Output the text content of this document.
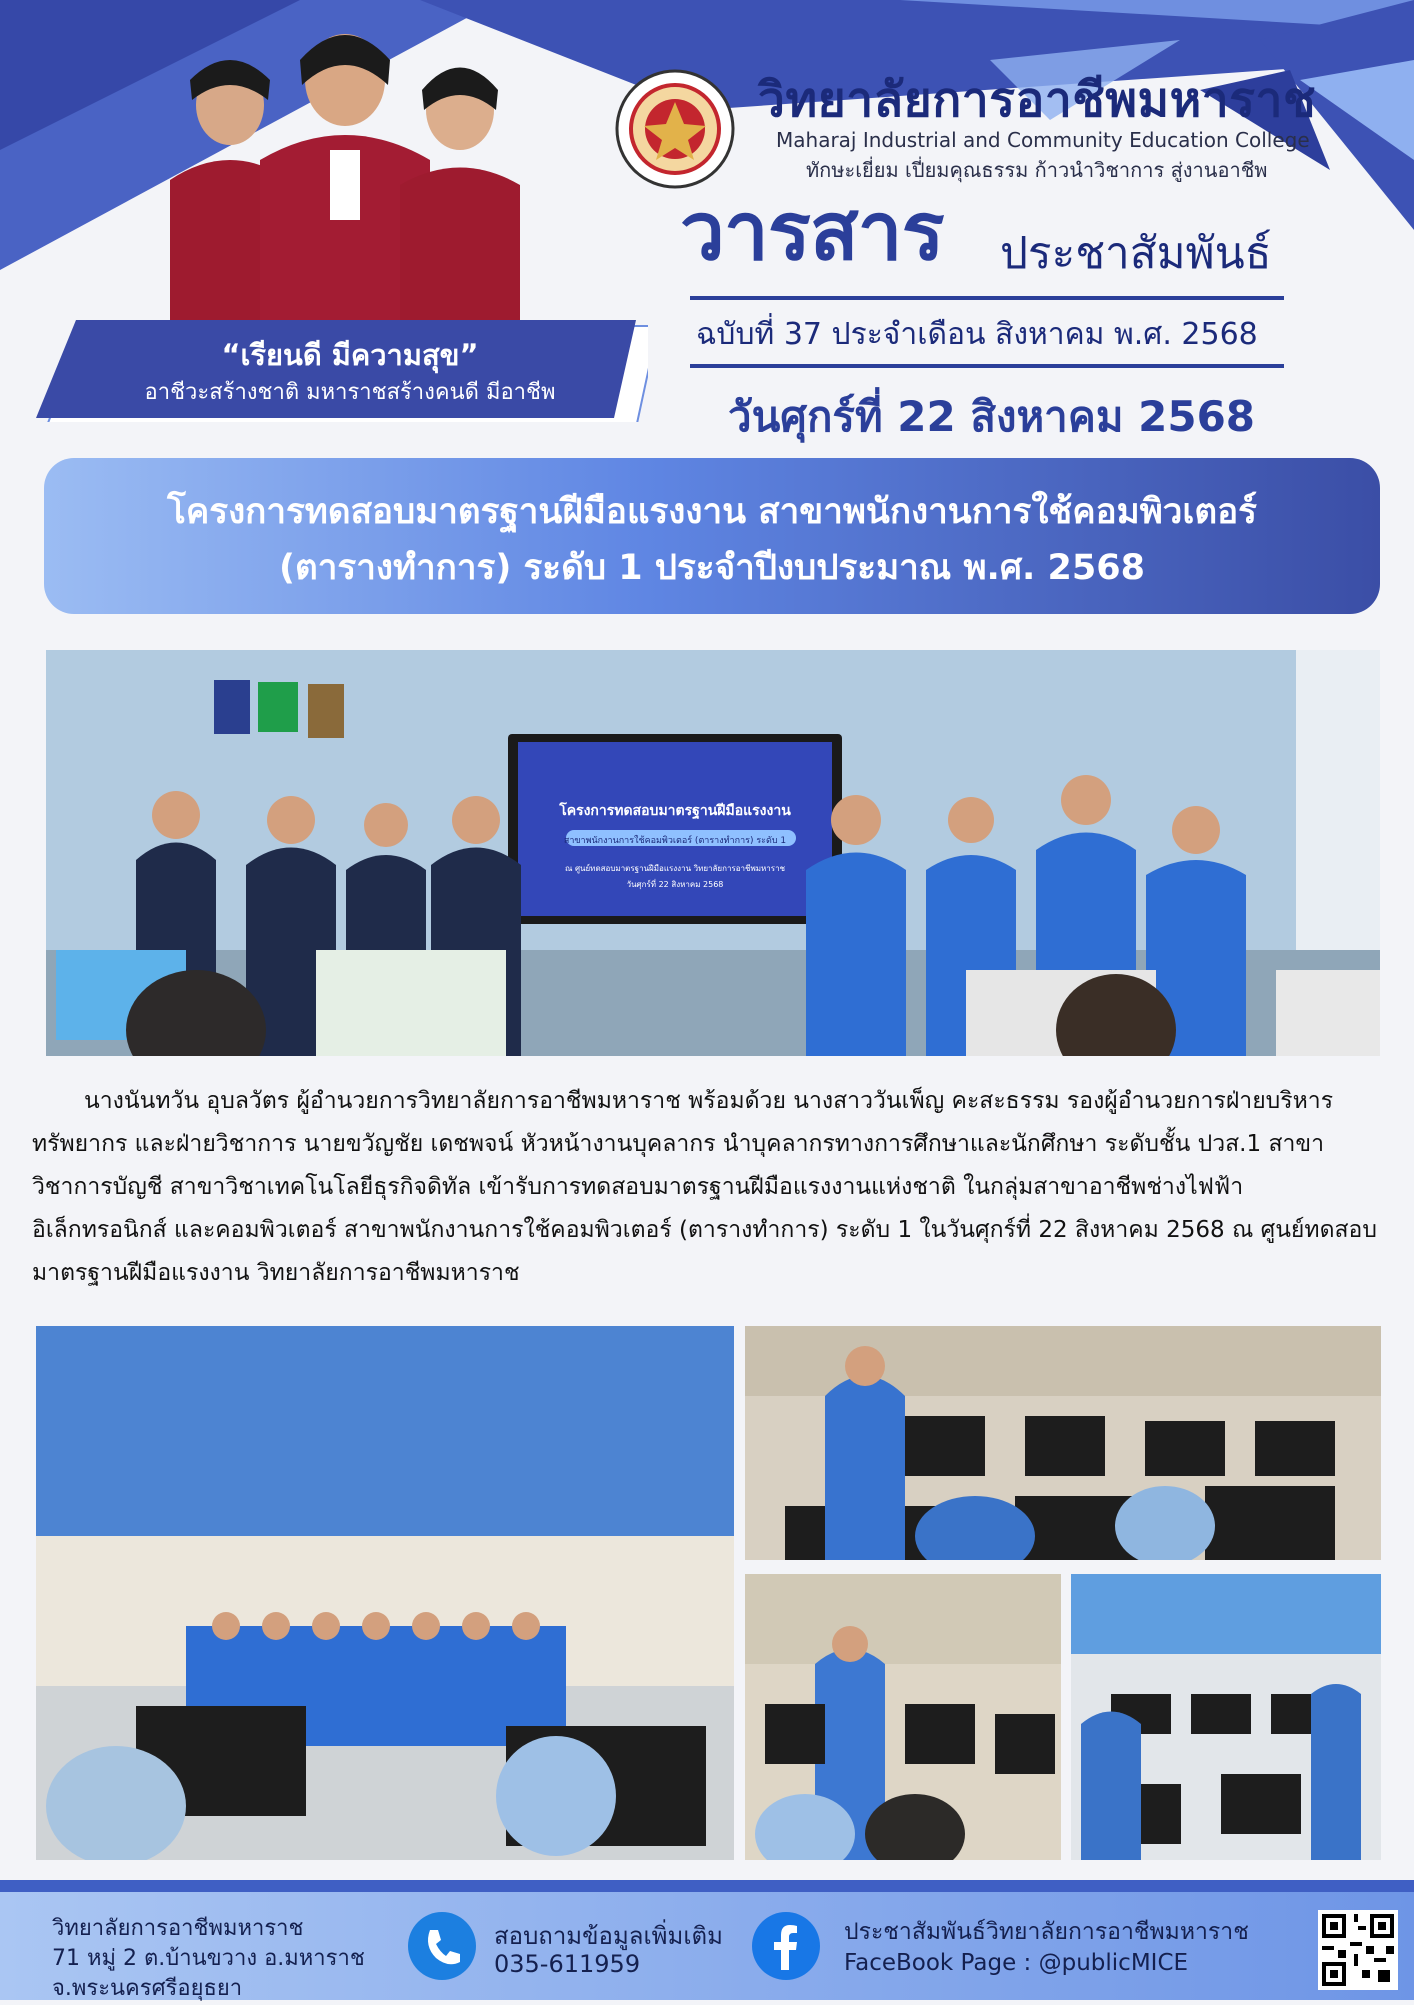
“เรียนดี มีความสุข”
อาชีวะสร้างชาติ มหาราชสร้างคนดี มีอาชีพ
วิทยาลัยการอาชีพมหาราช
Maharaj Industrial and Community Education College
ทักษะเยี่ยม เปี่ยมคุณธรรม ก้าวนำวิชาการ สู่งานอาชีพ
วารสาร ประชาสัมพันธ์
ฉบับที่ 37 ประจำเดือน สิงหาคม พ.ศ. 2568
วันศุกร์ที่ 22 สิงหาคม 2568
โครงการทดสอบมาตรฐานฝีมือแรงงาน สาขาพนักงานการใช้คอมพิวเตอร์
(ตารางทำการ) ระดับ 1 ประจำปีงบประมาณ พ.ศ. 2568
โครงการทดสอบมาตรฐานฝีมือแรงงาน
สาขาพนักงานการใช้คอมพิวเตอร์ (ตารางทำการ) ระดับ 1
ณ ศูนย์ทดสอบมาตรฐานฝีมือแรงงาน วิทยาลัยการอาชีพมหาราช
วันศุกร์ที่ 22 สิงหาคม 2568
นางนันทวัน อุบลวัตร ผู้อำนวยการวิทยาลัยการอาชีพมหาราช พร้อมด้วย นางสาววันเพ็ญ คะสะธรรม รองผู้อำนวยการฝ่ายบริหารทรัพยากร และฝ่ายวิชาการ นายขวัญชัย เดชพจน์ หัวหน้างานบุคลากร นำบุคลากรทางการศึกษาและนักศึกษา ระดับชั้น ปวส.1 สาขาวิชาการบัญชี สาขาวิชาเทคโนโลยีธุรกิจดิทัล เข้ารับการทดสอบมาตรฐานฝีมือแรงงานแห่งชาติ ในกลุ่มสาขาอาชีพช่างไฟฟ้า อิเล็กทรอนิกส์ และคอมพิวเตอร์ สาขาพนักงานการใช้คอมพิวเตอร์ (ตารางทำการ) ระดับ 1 ในวันศุกร์ที่ 22 สิงหาคม 2568 ณ ศูนย์ทดสอบมาตรฐานฝีมือแรงงาน วิทยาลัยการอาชีพมหาราช
วิทยาลัยการอาชีพมหาราช
71 หมู่ 2 ต.บ้านขวาง อ.มหาราช
จ.พระนครศรีอยุธยา
สอบถามข้อมูลเพิ่มเติม
035-611959
ประชาสัมพันธ์วิทยาลัยการอาชีพมหาราช
FaceBook Page : @publicMICE
